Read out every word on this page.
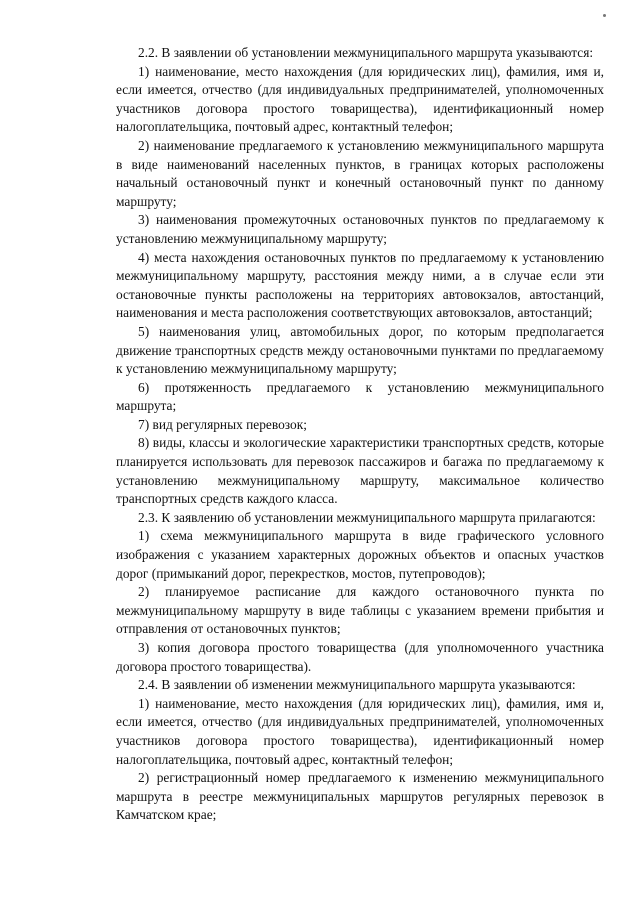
2.2. В заявлении об установлении межмуниципального маршрута указываются:

1) наименование, место нахождения (для юридических лиц), фамилия, имя и, если имеется, отчество (для индивидуальных предпринимателей, уполномоченных участников договора простого товарищества), идентификационный номер налогоплательщика, почтовый адрес, контактный телефон;

2) наименование предлагаемого к установлению межмуниципального маршрута в виде наименований населенных пунктов, в границах которых расположены начальный остановочный пункт и конечный остановочный пункт по данному маршруту;

3) наименования промежуточных остановочных пунктов по предлагаемому к установлению межмуниципальному маршруту;

4) места нахождения остановочных пунктов по предлагаемому к установлению межмуниципальному маршруту, расстояния между ними, а в случае если эти остановочные пункты расположены на территориях автовокзалов, автостанций, наименования и места расположения соответствующих автовокзалов, автостанций;

5) наименования улиц, автомобильных дорог, по которым предполагается движение транспортных средств между остановочными пунктами по предлагаемому к установлению межмуниципальному маршруту;

6) протяженность предлагаемого к установлению межмуниципального маршрута;

7) вид регулярных перевозок;

8) виды, классы и экологические характеристики транспортных средств, которые планируется использовать для перевозок пассажиров и багажа по предлагаемому к установлению межмуниципальному маршруту, максимальное количество транспортных средств каждого класса.

2.3. К заявлению об установлении межмуниципального маршрута прилагаются:

1) схема межмуниципального маршрута в виде графического условного изображения с указанием характерных дорожных объектов и опасных участков дорог (примыканий дорог, перекрестков, мостов, путепроводов);

2) планируемое расписание для каждого остановочного пункта по межмуниципальному маршруту в виде таблицы с указанием времени прибытия и отправления от остановочных пунктов;

3) копия договора простого товарищества (для уполномоченного участника договора простого товарищества).

2.4. В заявлении об изменении межмуниципального маршрута указываются:

1) наименование, место нахождения (для юридических лиц), фамилия, имя и, если имеется, отчество (для индивидуальных предпринимателей, уполномоченных участников договора простого товарищества), идентификационный номер налогоплательщика, почтовый адрес, контактный телефон;

2) регистрационный номер предлагаемого к изменению межмуниципального маршрута в реестре межмуниципальных маршрутов регулярных перевозок в Камчатском крае;
